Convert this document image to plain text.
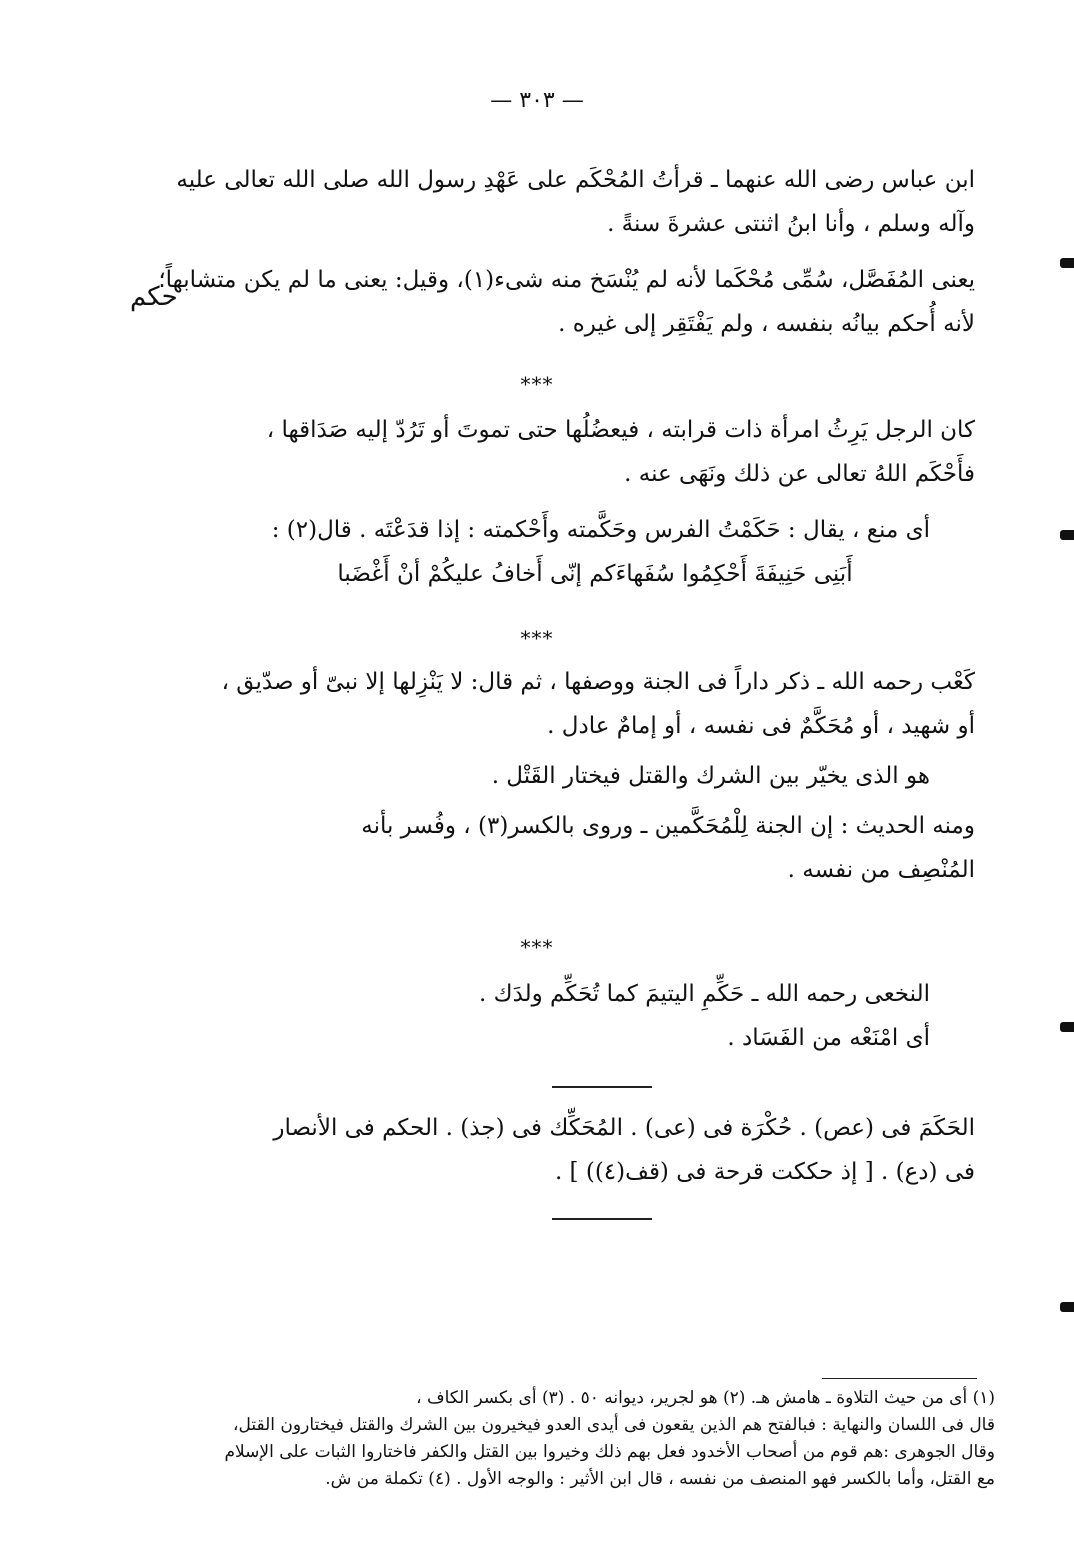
— ٣٠٣ —
حكم
ابن عباس رضى الله عنهما ـ قرأتُ المُحْكَم على عَهْدِ رسول الله صلى الله تعالى عليه
وآله وسلم ، وأنا ابنُ اثنتى عشرةَ سنةً .
يعنى المُفَصَّل، سُمِّى مُحْكَما لأنه لم يُنْسَخ منه شىء(١)، وقيل: يعنى ما لم يكن متشابهاً؛
لأنه أُحكم بيانُه بنفسه ، ولم يَفْتَقِر إلى غيره .
***
كان الرجل يَرِثُ امرأة ذات قرابته ، فيعضُلُها حتى تموتَ أو تَرُدّ إليه صَدَاقها ،
فأَحْكَم اللهُ تعالى عن ذلك ونَهَى عنه .
أى منع ، يقال : حَكَمْتُ الفرس وحَكَّمته وأَحْكمته : إذا قدَعْتَه . قال(٢) :
أَبَنِى حَنِيفَةَ أَحْكِمُوا سُفَهاءَكم إنّى أَخافُ عليكُمْ أنْ أَغْضَبا
***
كَعْب رحمه الله ـ ذكر داراً فى الجنة ووصفها ، ثم قال: لا يَنْزِلها إلا نبىّ أو صدّيق ،
أو شهيد ، أو مُحَكَّمٌ فى نفسه ، أو إمامٌ عادل .
هو الذى يخيّر بين الشرك والقتل فيختار القَتْل .
ومنه الحديث : إن الجنة لِلْمُحَكَّمين ـ وروى بالكسر(٣) ، وفُسر بأنه
المُنْصِف من نفسه .
***
النخعى رحمه الله ـ حَكِّمِ اليتيمَ كما تُحَكِّم ولدَك .
أى امْنَعْه من الفَسَاد .
الحَكَمَ فى (عص) . حُكْرَة فى (عى) . المُحَكِّك فى (جذ) . الحكم فى الأنصار
فى (دع) . [ إذ حككت قرحة فى (قف(٤)) ] .
(١) أى من حيث التلاوة ـ هامش هـ. (٢) هو لجرير، ديوانه ٥٠ . (٣) أى بكسر الكاف ،
قال فى اللسان والنهاية : فبالفتح هم الذين يقعون فى أيدى العدو فيخيرون بين الشرك والقتل فيختارون القتل،
وقال الجوهرى :هم قوم من أصحاب الأخدود فعل بهم ذلك وخيروا بين القتل والكفر فاختاروا الثبات على الإسلام
مع القتل، وأما بالكسر فهو المنصف من نفسه ، قال ابن الأثير : والوجه الأول . (٤) تكملة من ش.
